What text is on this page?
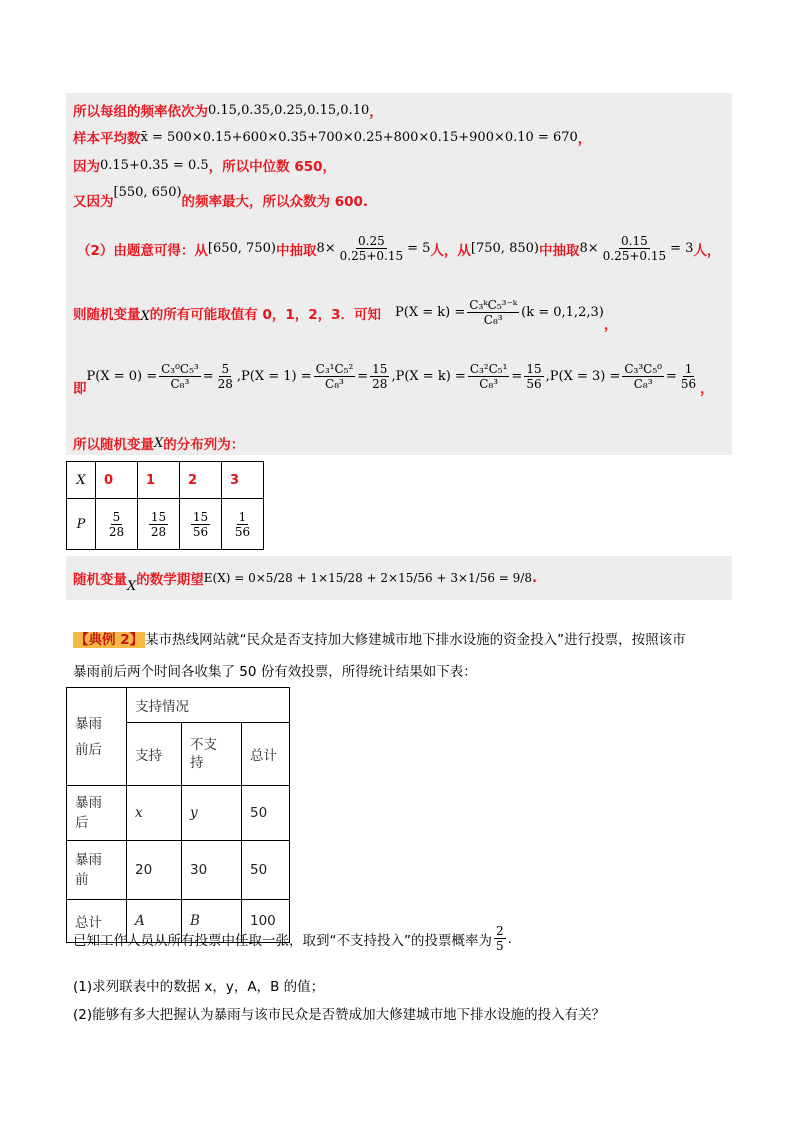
所以每组的频率依次为 0.15,0.35,0.25,0.15,0.10 ，
样本平均数 x̄ = 500×0.15+600×0.35+700×0.25+800×0.15+900×0.10 = 670 ，
因为 0.15+0.35 = 0.5 ，所以中位数 650，
又因为
[550, 650)
的频率最大，所以众数为 600.
（2）由题意可得：从 [650, 750) 中抽取 $8\times \frac{0.25}{0.25+0.15} = 5$ 人，从 [750, 850) 中抽取 $8\times \frac{0.15}{0.25+0.15} = 3$ 人，
则随机变量 X 的所有可能取值有 0，1，2，3．可知 $P(X = k) = \frac{\text{C₃ᵏC₅³⁻ᵏ}}{\text{C₈³}} (k = 0,1,2,3)$
，
即
$P(X = 0) = \frac{\text{C₃⁰C₅³}}{\text{C₈³}} = \frac{5}{28}$ , $P(X = 1) = \frac{\text{C₃¹C₅²}}{\text{C₈³}} = \frac{15}{28}$ , $P(X = k) = \frac{\text{C₃²C₅¹}}{\text{C₈³}} = \frac{15}{56}$ , $P(X = 3) = \frac{\text{C₃³C₅⁰}}{\text{C₈³}} = \frac{1}{56}$ ，
所以随机变量 X 的分布列为：
X	0	1	2	3
P	$\frac{5}{28}$	$\frac{15}{28}$	$\frac{15}{56}$	$\frac{1}{56}$
随机变量 X 的数学期望 E(X) = 0×5/28 + 1×15/28 + 2×15/56 + 3×1/56 = 9/8 .
【典例 2】 某市热线网站就“民众是否支持加大修建城市地下排水设施的资金投入”进行投票，按照该市
暴雨前后两个时间各收集了 50 份有效投票，所得统计结果如下表：
暴雨前后	支持情况		
	支持	不支持	总计

暴雨后	x	y	50

暴雨前	20	30	50
总计	A	B	100
已知工作人员从所有投票中任取一张，取到“不支持投入”的投票概率为 $\frac{2}{5}$ .
(1)求列联表中的数据 x，y，A，B 的值；
(2)能够有多大把握认为暴雨与该市民众是否赞成加大修建城市地下排水设施的投入有关？
